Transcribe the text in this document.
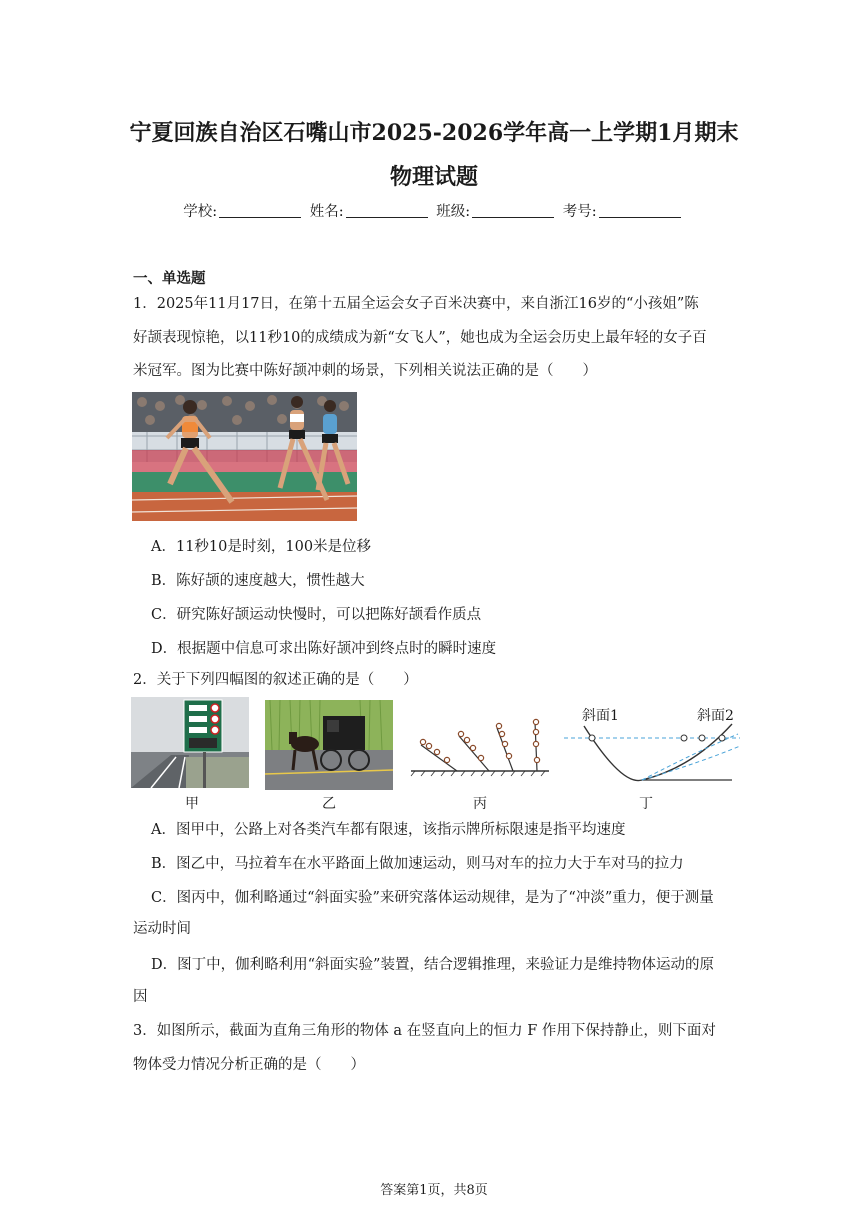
宁夏回族自治区石嘴山市2025-2026学年高一上学期1月期末
物理试题
学校:	姓名:	班级:	考号:
一、单选题
1．2025年11月17日，在第十五届全运会女子百米决赛中，来自浙江16岁的“小孩姐”陈
好颉表现惊艳，以11秒10的成绩成为新“女飞人”，她也成为全运会历史上最年轻的女子百
米冠军。图为比赛中陈好颉冲刺的场景，下列相关说法正确的是（　　）
A．11秒10是时刻，100米是位移
B．陈好颉的速度越大，惯性越大
C．研究陈好颉运动快慢时，可以把陈好颉看作质点
D．根据题中信息可求出陈好颉冲到终点时的瞬时速度
2．关于下列四幅图的叙述正确的是（　　）
斜面1	斜面2
甲	乙	丙	丁
A．图甲中，公路上对各类汽车都有限速，该指示牌所标限速是指平均速度
B．图乙中，马拉着车在水平路面上做加速运动，则马对车的拉力大于车对马的拉力
C．图丙中，伽利略通过“斜面实验”来研究落体运动规律，是为了“冲淡”重力，便于测量
运动时间
D．图丁中，伽利略利用“斜面实验”装置，结合逻辑推理，来验证力是维持物体运动的原
因
3．如图所示，截面为直角三角形的物体 a 在竖直向上的恒力 F 作用下保持静止，则下面对
物体受力情况分析正确的是（　　）
答案第1页，共8页
